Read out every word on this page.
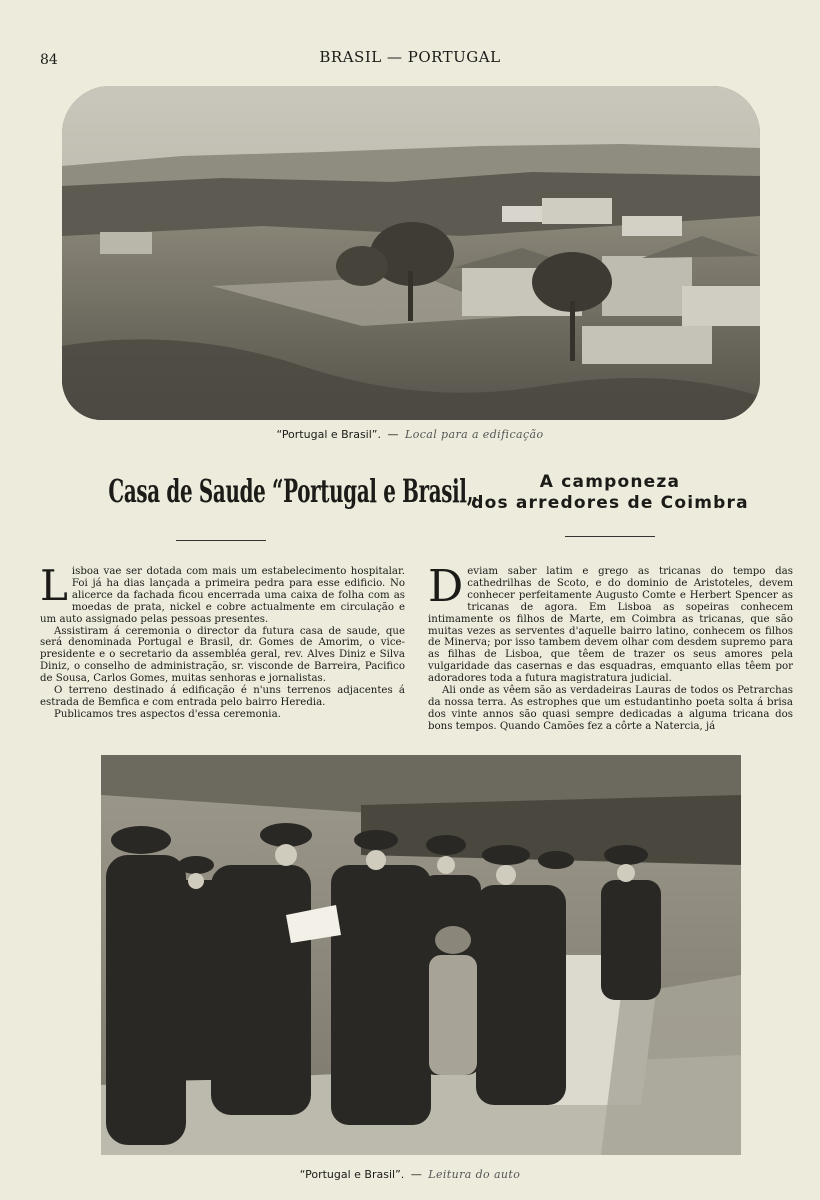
84	BRASIL — PORTUGAL
“Portugal e Brasil”. — Local para a edificação
Casa de Saude “Portugal e Brasil„	A camponeza
dos arredores de Coimbra

Lisboa vae ser dotada com mais um estabelecimento hospitalar. Foi já ha dias lançada a primeira pedra para esse edificio. No alicerce da fachada ficou encerrada uma caixa de folha com as moedas de prata, nickel e cobre actualmente em circulação e um auto assignado pelas pessoas presentes.

Assistiram á ceremonia o director da futura casa de saude, que será denominada Portugal e Brasil, dr. Gomes de Amorim, o vice-presidente e o secretario da assembléa geral, rev. Alves Diniz e Silva Diniz, o conselho de administração, sr. visconde de Barreira, Pacifico de Sousa, Carlos Gomes, muitas senhoras e jornalistas.

O terreno destinado á edificação é n'uns terrenos adjacentes á estrada de Bemfica e com entrada pelo bairro Heredia.

Publicamos tres aspectos d'essa ceremonia.

Deviam saber latim e grego as tricanas do tempo das cathedrilhas de Scoto, e do dominio de Aristoteles, devem conhecer perfeitamente Augusto Comte e Herbert Spencer as tricanas de agora. Em Lisboa as sopeiras conhecem intimamente os filhos de Marte, em Coimbra as tricanas, que são muitas vezes as serventes d'aquelle bairro latino, conhecem os filhos de Minerva; por isso tambem devem olhar com desdem supremo para as filhas de Lisboa, que têem de trazer os seus amores pela vulgaridade das casernas e das esquadras, emquanto ellas têem por adoradores toda a futura magistratura judicial.

Ali onde as vêem são as verdadeiras Lauras de todos os Petrarchas da nossa terra. As estrophes que um estudantinho poeta solta á brisa dos vinte annos são quasi sempre dedicadas a alguma tricana dos bons tempos. Quando Camões fez a côrte a Natercia, já

“Portugal e Brasil”. — Leitura do auto
